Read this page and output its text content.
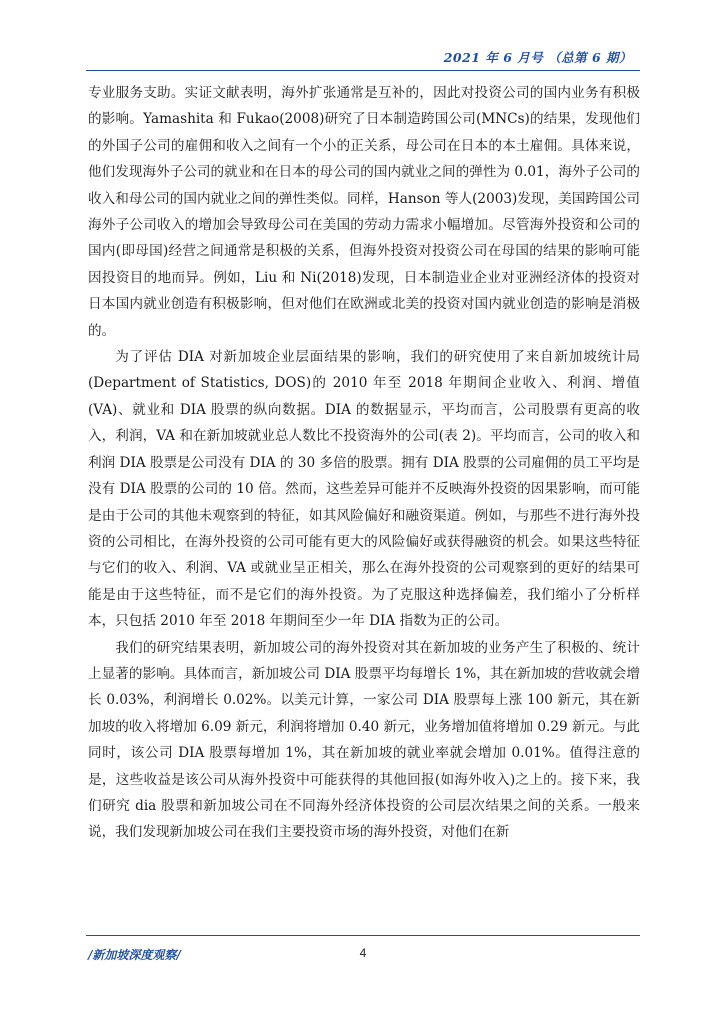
2021 年 6 月号 （总第 6 期）

专业服务支助。实证文献表明，海外扩张通常是互补的，因此对投资公司的国内业务有积极的影响。Yamashita 和 Fukao(2008)研究了日本制造跨国公司(MNCs)的结果，发现他们的外国子公司的雇佣和收入之间有一个小的正关系，母公司在日本的本土雇佣。具体来说，他们发现海外子公司的就业和在日本的母公司的国内就业之间的弹性为 0.01，海外子公司的收入和母公司的国内就业之间的弹性类似。同样，Hanson 等人(2003)发现，美国跨国公司海外子公司收入的增加会导致母公司在美国的劳动力需求小幅增加。尽管海外投资和公司的国内(即母国)经营之间通常是积极的关系，但海外投资对投资公司在母国的结果的影响可能因投资目的地而异。例如，Liu 和 Ni(2018)发现，日本制造业企业对亚洲经济体的投资对日本国内就业创造有积极影响，但对他们在欧洲或北美的投资对国内就业创造的影响是消极的。

为了评估 DIA 对新加坡企业层面结果的影响，我们的研究使用了来自新加坡统计局(Department of Statistics, DOS)的 2010 年至 2018 年期间企业收入、利润、增值(VA)、就业和 DIA 股票的纵向数据。DIA 的数据显示，平均而言，公司股票有更高的收入，利润，VA 和在新加坡就业总人数比不投资海外的公司(表 2)。平均而言，公司的收入和利润 DIA 股票是公司没有 DIA 的 30 多倍的股票。拥有 DIA 股票的公司雇佣的员工平均是没有 DIA 股票的公司的 10 倍。然而，这些差异可能并不反映海外投资的因果影响，而可能是由于公司的其他未观察到的特征，如其风险偏好和融资渠道。例如，与那些不进行海外投资的公司相比，在海外投资的公司可能有更大的风险偏好或获得融资的机会。如果这些特征与它们的收入、利润、VA 或就业呈正相关，那么在海外投资的公司观察到的更好的结果可能是由于这些特征，而不是它们的海外投资。为了克服这种选择偏差，我们缩小了分析样本，只包括 2010 年至 2018 年期间至少一年 DIA 指数为正的公司。

我们的研究结果表明，新加坡公司的海外投资对其在新加坡的业务产生了积极的、统计上显著的影响。具体而言，新加坡公司 DIA 股票平均每增长 1%，其在新加坡的营收就会增长 0.03%，利润增长 0.02%。以美元计算，一家公司 DIA 股票每上涨 100 新元，其在新加坡的收入将增加 6.09 新元，利润将增加 0.40 新元，业务增加值将增加 0.29 新元。与此同时，该公司 DIA 股票每增加 1%，其在新加坡的就业率就会增加 0.01%。值得注意的是，这些收益是该公司从海外投资中可能获得的其他回报(如海外收入)之上的。接下来，我们研究 dia 股票和新加坡公司在不同海外经济体投资的公司层次结果之间的关系。一般来说，我们发现新加坡公司在我们主要投资市场的海外投资，对他们在新

/新加坡深度观察/	4
